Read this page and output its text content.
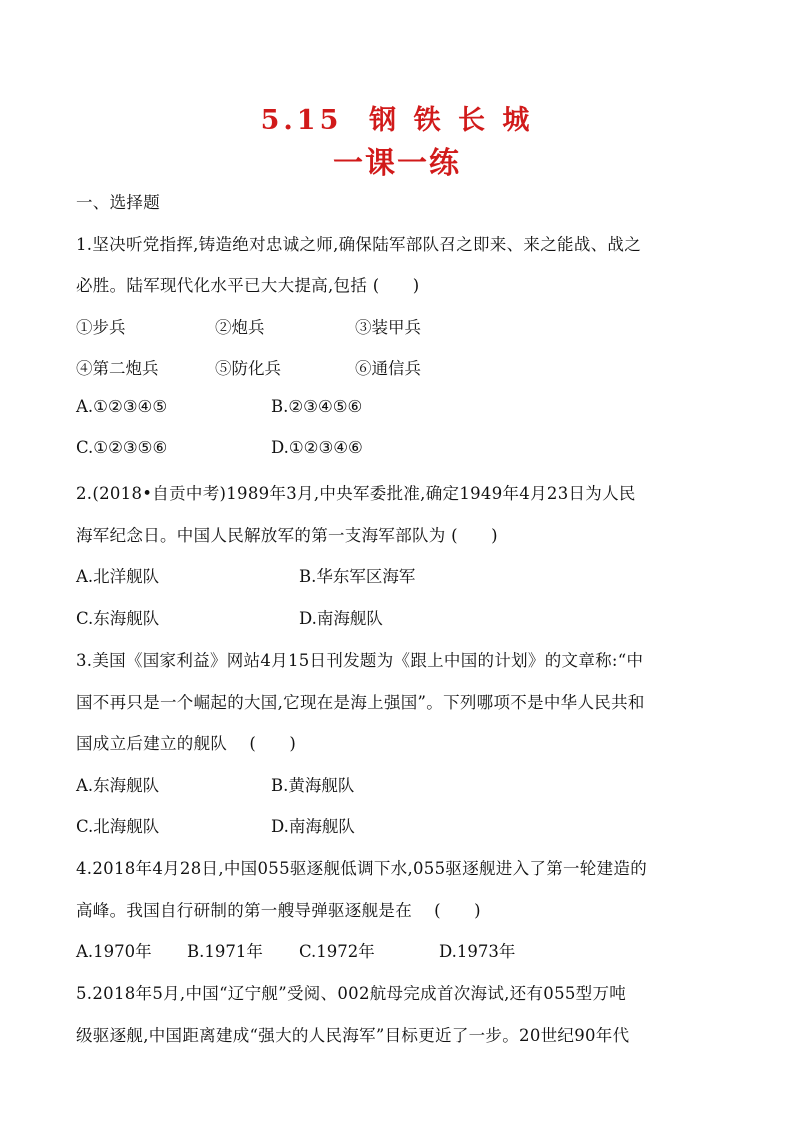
5.15  钢 铁 长 城
一课一练
一、选择题
1.坚决听党指挥,铸造绝对忠诚之师,确保陆军部队召之即来、来之能战、战之
必胜。陆军现代化水平已大大提高,包括 (      )
①步兵	②炮兵	③装甲兵
④第二炮兵	⑤防化兵	⑥通信兵
A.①②③④⑤	B.②③④⑤⑥
C.①②③⑤⑥	D.①②③④⑥
2.(2018•自贡中考)1989年3月,中央军委批准,确定1949年4月23日为人民
海军纪念日。中国人民解放军的第一支海军部队为 (      )
A.北洋舰队	B.华东军区海军
C.东海舰队	D.南海舰队
3.美国《国家利益》网站4月15日刊发题为《跟上中国的计划》的文章称:“中
国不再只是一个崛起的大国,它现在是海上强国”。下列哪项不是中华人民共和
国成立后建立的舰队    (      )
A.东海舰队	B.黄海舰队
C.北海舰队	D.南海舰队
4.2018年4月28日,中国055驱逐舰低调下水,055驱逐舰进入了第一轮建造的
高峰。我国自行研制的第一艘导弹驱逐舰是在    (      )
A.1970年 B.1971年 C.1972年	D.1973年
5.2018年5月,中国“辽宁舰”受阅、002航母完成首次海试,还有055型万吨
级驱逐舰,中国距离建成“强大的人民海军”目标更近了一步。20世纪90年代
